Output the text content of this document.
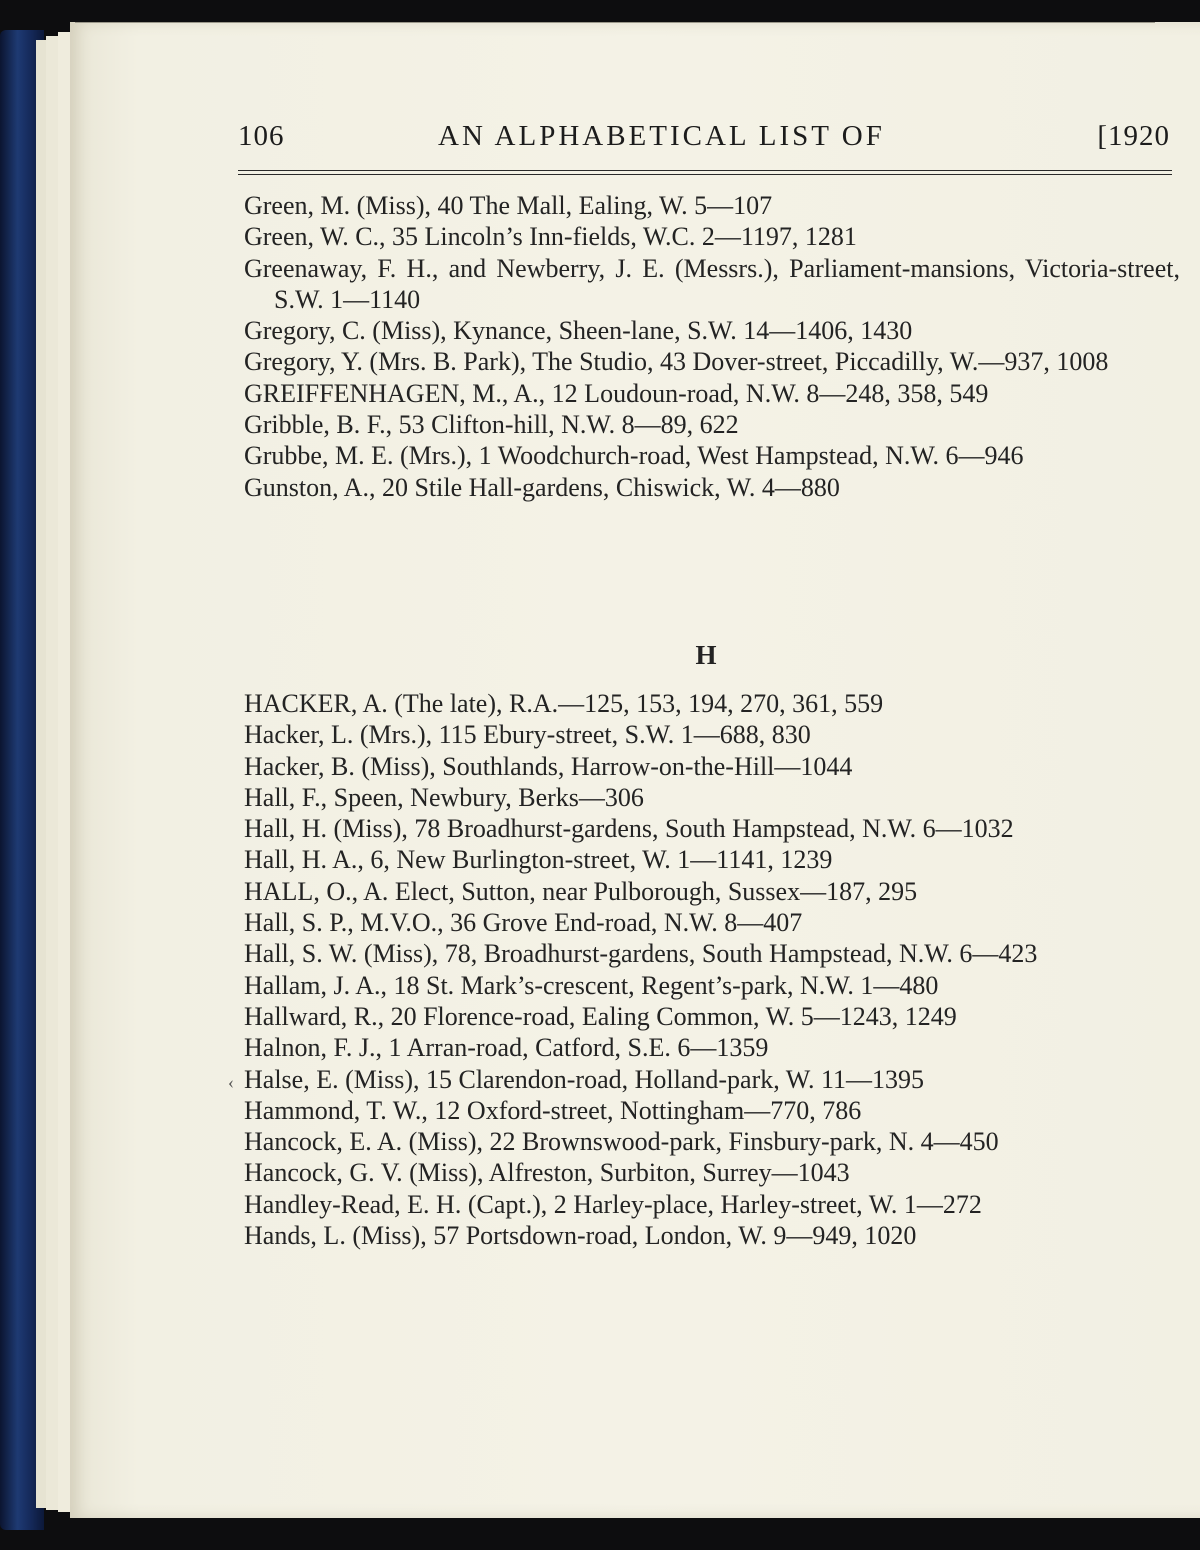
106	AN ALPHABETICAL LIST OF	[1920
Green, M. (Miss), 40 The Mall, Ealing, W. 5—107
Green, W. C., 35 Lincoln’s Inn-fields, W.C. 2—1197, 1281
Greenaway, F. H., and Newberry, J. E. (Messrs.), Parliament-mansions, Victoria-street, S.W. 1—1140
Gregory, C. (Miss), Kynance, Sheen-lane, S.W. 14—1406, 1430
Gregory, Y. (Mrs. B. Park), The Studio, 43 Dover-street, Piccadilly, W.—937, 1008
GREIFFENHAGEN, M., A., 12 Loudoun-road, N.W. 8—248, 358, 549
Gribble, B. F., 53 Clifton-hill, N.W. 8—89, 622
Grubbe, M. E. (Mrs.), 1 Woodchurch-road, West Hampstead, N.W. 6—946
Gunston, A., 20 Stile Hall-gardens, Chiswick, W. 4—880
H
HACKER, A. (The late), R.A.—125, 153, 194, 270, 361, 559
Hacker, L. (Mrs.), 115 Ebury-street, S.W. 1—688, 830
Hacker, B. (Miss), Southlands, Harrow-on-the-Hill—1044
Hall, F., Speen, Newbury, Berks—306
Hall, H. (Miss), 78 Broadhurst-gardens, South Hampstead, N.W. 6—1032
Hall, H. A., 6, New Burlington-street, W. 1—1141, 1239
HALL, O., A. Elect, Sutton, near Pulborough, Sussex—187, 295
Hall, S. P., M.V.O., 36 Grove End-road, N.W. 8—407
Hall, S. W. (Miss), 78, Broadhurst-gardens, South Hampstead, N.W. 6—423
Hallam, J. A., 18 St. Mark’s-crescent, Regent’s-park, N.W. 1—480
Hallward, R., 20 Florence-road, Ealing Common, W. 5—1243, 1249
Halnon, F. J., 1 Arran-road, Catford, S.E. 6—1359
Halse, E. (Miss), 15 Clarendon-road, Holland-park, W. 11—1395
Hammond, T. W., 12 Oxford-street, Nottingham—770, 786
Hancock, E. A. (Miss), 22 Brownswood-park, Finsbury-park, N. 4—450
Hancock, G. V. (Miss), Alfreston, Surbiton, Surrey—1043
Handley-Read, E. H. (Capt.), 2 Harley-place, Harley-street, W. 1—272
Hands, L. (Miss), 57 Portsdown-road, London, W. 9—949, 1020
‹
